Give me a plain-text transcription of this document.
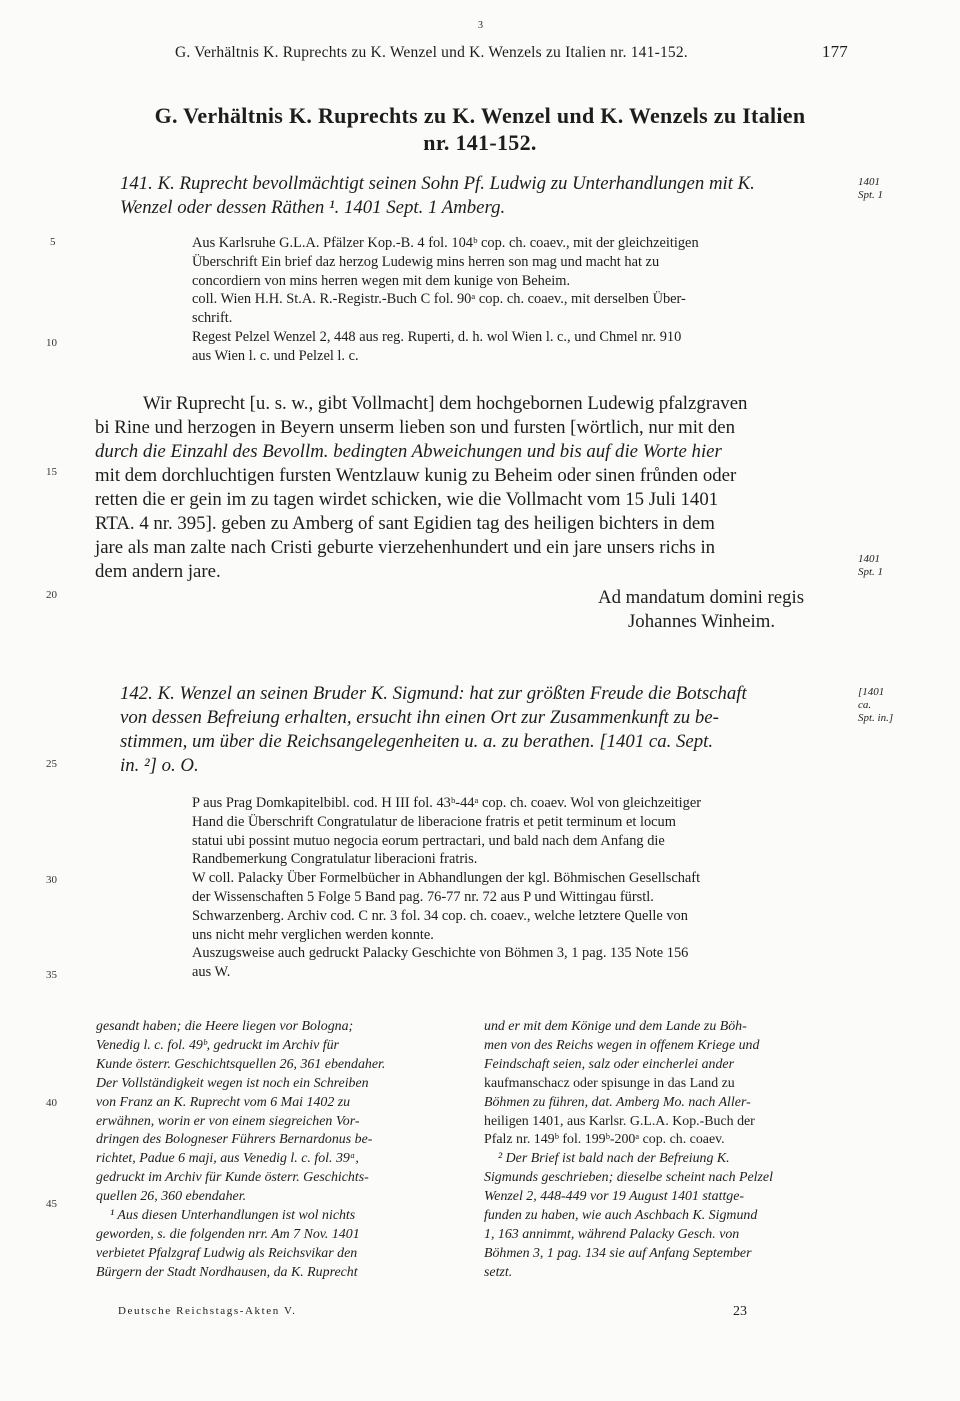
3
G. Verhältnis K. Ruprechts zu K. Wenzel und K. Wenzels zu Italien nr. 141-152.	177
G. Verhältnis K. Ruprechts zu K. Wenzel und K. Wenzels zu Italien
nr. 141-152.
141. K. Ruprecht bevollmächtigt seinen Sohn Pf. Ludwig zu Unterhandlungen mit K.
Wenzel oder dessen Räthen ¹. 1401 Sept. 1 Amberg.
1401
Spt. 1
Aus Karlsruhe G.L.A. Pfälzer Kop.-B. 4 fol. 104ᵇ cop. ch. coaev., mit der gleichzeitigen
Überschrift Ein brief daz herzog Ludewig mins herren son mag und macht hat zu
concordiern von mins herren wegen mit dem kunige von Beheim.
coll. Wien H.H. St.A. R.-Registr.-Buch C fol. 90ᵃ cop. ch. coaev., mit derselben Über-
schrift.
Regest Pelzel Wenzel 2, 448 aus reg. Ruperti, d. h. wol Wien l. c., und Chmel nr. 910
aus Wien l. c. und Pelzel l. c.
Wir Ruprecht [u. s. w., gibt Vollmacht] dem hochgebornen Ludewig pfalzgraven
bi Rine und herzogen in Beyern unserm lieben son und fursten [wörtlich, nur mit den
durch die Einzahl des Bevollm. bedingten Abweichungen und bis auf die Worte hier
mit dem dorchluchtigen fursten Wentzlauw kunig zu Beheim oder sinen frůnden oder
retten die er gein im zu tagen wirdet schicken, wie die Vollmacht vom 15 Juli 1401
RTA. 4 nr. 395]. geben zu Amberg of sant Egidien tag des heiligen bichters in dem
jare als man zalte nach Cristi geburte vierzehenhundert und ein jare unsers richs in
dem andern jare.
1401
Spt. 1
Ad mandatum domini regis
Johannes Winheim.
142. K. Wenzel an seinen Bruder K. Sigmund: hat zur größten Freude die Botschaft
von dessen Befreiung erhalten, ersucht ihn einen Ort zur Zusammenkunft zu be-
stimmen, um über die Reichsangelegenheiten u. a. zu berathen. [1401 ca. Sept.
in. ²] o. O.
[1401
ca.
Spt. in.]
P aus Prag Domkapitelbibl. cod. H III fol. 43ᵇ-44ᵃ cop. ch. coaev. Wol von gleichzeitiger
Hand die Überschrift Congratulatur de liberacione fratris et petit terminum et locum
statui ubi possint mutuo negocia eorum pertractari, und bald nach dem Anfang die
Randbemerkung Congratulatur liberacioni fratris.
W coll. Palacky Über Formelbücher in Abhandlungen der kgl. Böhmischen Gesellschaft
der Wissenschaften 5 Folge 5 Band pag. 76-77 nr. 72 aus P und Wittingau fürstl.
Schwarzenberg. Archiv cod. C nr. 3 fol. 34 cop. ch. coaev., welche letztere Quelle von
uns nicht mehr verglichen werden konnte.
Auszugsweise auch gedruckt Palacky Geschichte von Böhmen 3, 1 pag. 135 Note 156
aus W.
gesandt haben; die Heere liegen vor Bologna;
Venedig l. c. fol. 49ᵇ, gedruckt im Archiv für
Kunde österr. Geschichtsquellen 26, 361 ebendaher.
Der Vollständigkeit wegen ist noch ein Schreiben
von Franz an K. Ruprecht vom 6 Mai 1402 zu
erwähnen, worin er von einem siegreichen Vor-
dringen des Bologneser Führers Bernardonus be-
richtet, Padue 6 maji, aus Venedig l. c. fol. 39ᵃ,
gedruckt im Archiv für Kunde österr. Geschichts-
quellen 26, 360 ebendaher.
¹ Aus diesen Unterhandlungen ist wol nichts
geworden, s. die folgenden nrr. Am 7 Nov. 1401
verbietet Pfalzgraf Ludwig als Reichsvikar den
Bürgern der Stadt Nordhausen, da K. Ruprecht
und er mit dem Könige und dem Lande zu Böh-
men von des Reichs wegen in offenem Kriege und
Feindschaft seien, salz oder eincherlei ander
kaufmanschacz oder spisunge in das Land zu
Böhmen zu führen, dat. Amberg Mo. nach Aller-
heiligen 1401, aus Karlsr. G.L.A. Kop.-Buch der
Pfalz nr. 149ᵇ fol. 199ᵇ-200ᵃ cop. ch. coaev.
² Der Brief ist bald nach der Befreiung K.
Sigmunds geschrieben; dieselbe scheint nach Pelzel
Wenzel 2, 448-449 vor 19 August 1401 stattge-
funden zu haben, wie auch Aschbach K. Sigmund
1, 163 annimmt, während Palacky Gesch. von
Böhmen 3, 1 pag. 134 sie auf Anfang September
setzt.
Deutsche Reichstags-Akten V.	23
5
10
15
20
25
30
35
40
45
